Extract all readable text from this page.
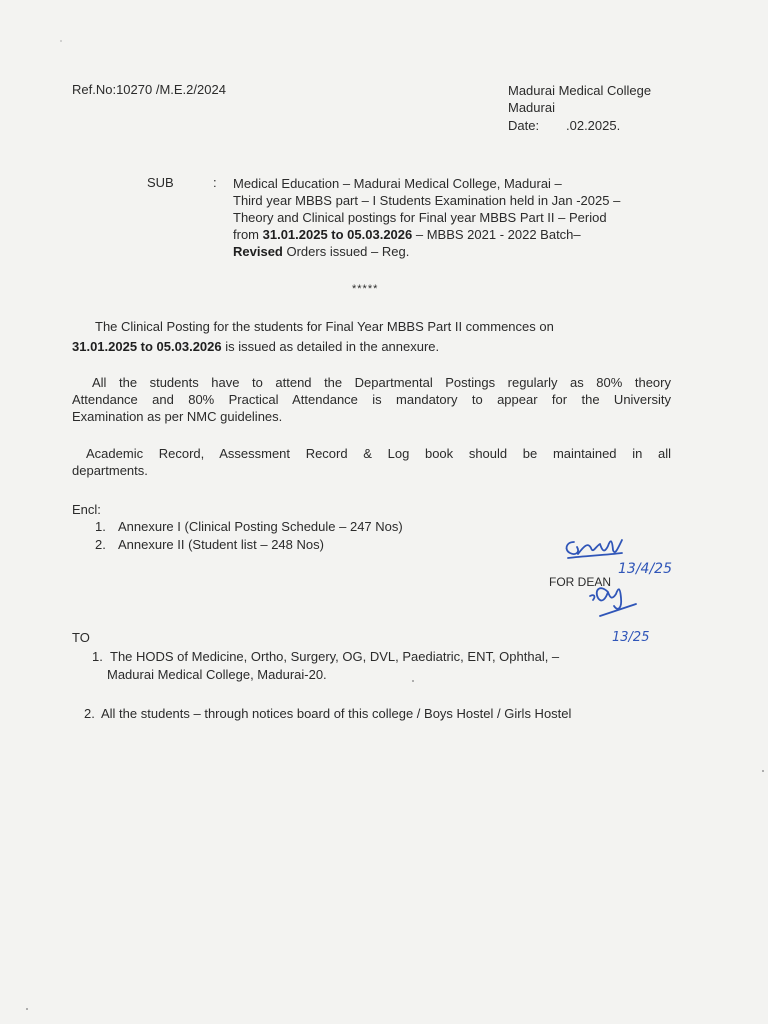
Ref.No:10270 /M.E.2/2024	Madurai Medical College
Madurai
Date: .02.2025.
SUB	: Medical Education – Madurai Medical College, Madurai –
Third year MBBS part – I Students Examination held in Jan -2025 –
Theory and Clinical postings for Final year MBBS Part II – Period
from 31.01.2025 to 05.03.2026 – MBBS 2021 - 2022 Batch–
Revised Orders issued – Reg.
*****
The Clinical Posting for the students for Final Year MBBS Part II commences on
31.01.2025 to 05.03.2026 is issued as detailed in the annexure.
All the students have to attend the Departmental Postings regularly as 80% theory
Attendance and 80% Practical Attendance is mandatory to appear for the University
Examination as per NMC guidelines.
Academic Record, Assessment Record & Log book should be maintained in all
departments.
Encl:
1. Annexure I (Clinical Posting Schedule – 247 Nos)
2. Annexure II (Student list – 248 Nos)
13/4/25
13/25
FOR DEAN
TO
1. The HODS of Medicine, Ortho, Surgery, OG, DVL, Paediatric, ENT, Ophthal, –
Madurai Medical College, Madurai-20.
2. All the students – through notices board of this college / Boys Hostel / Girls Hostel
